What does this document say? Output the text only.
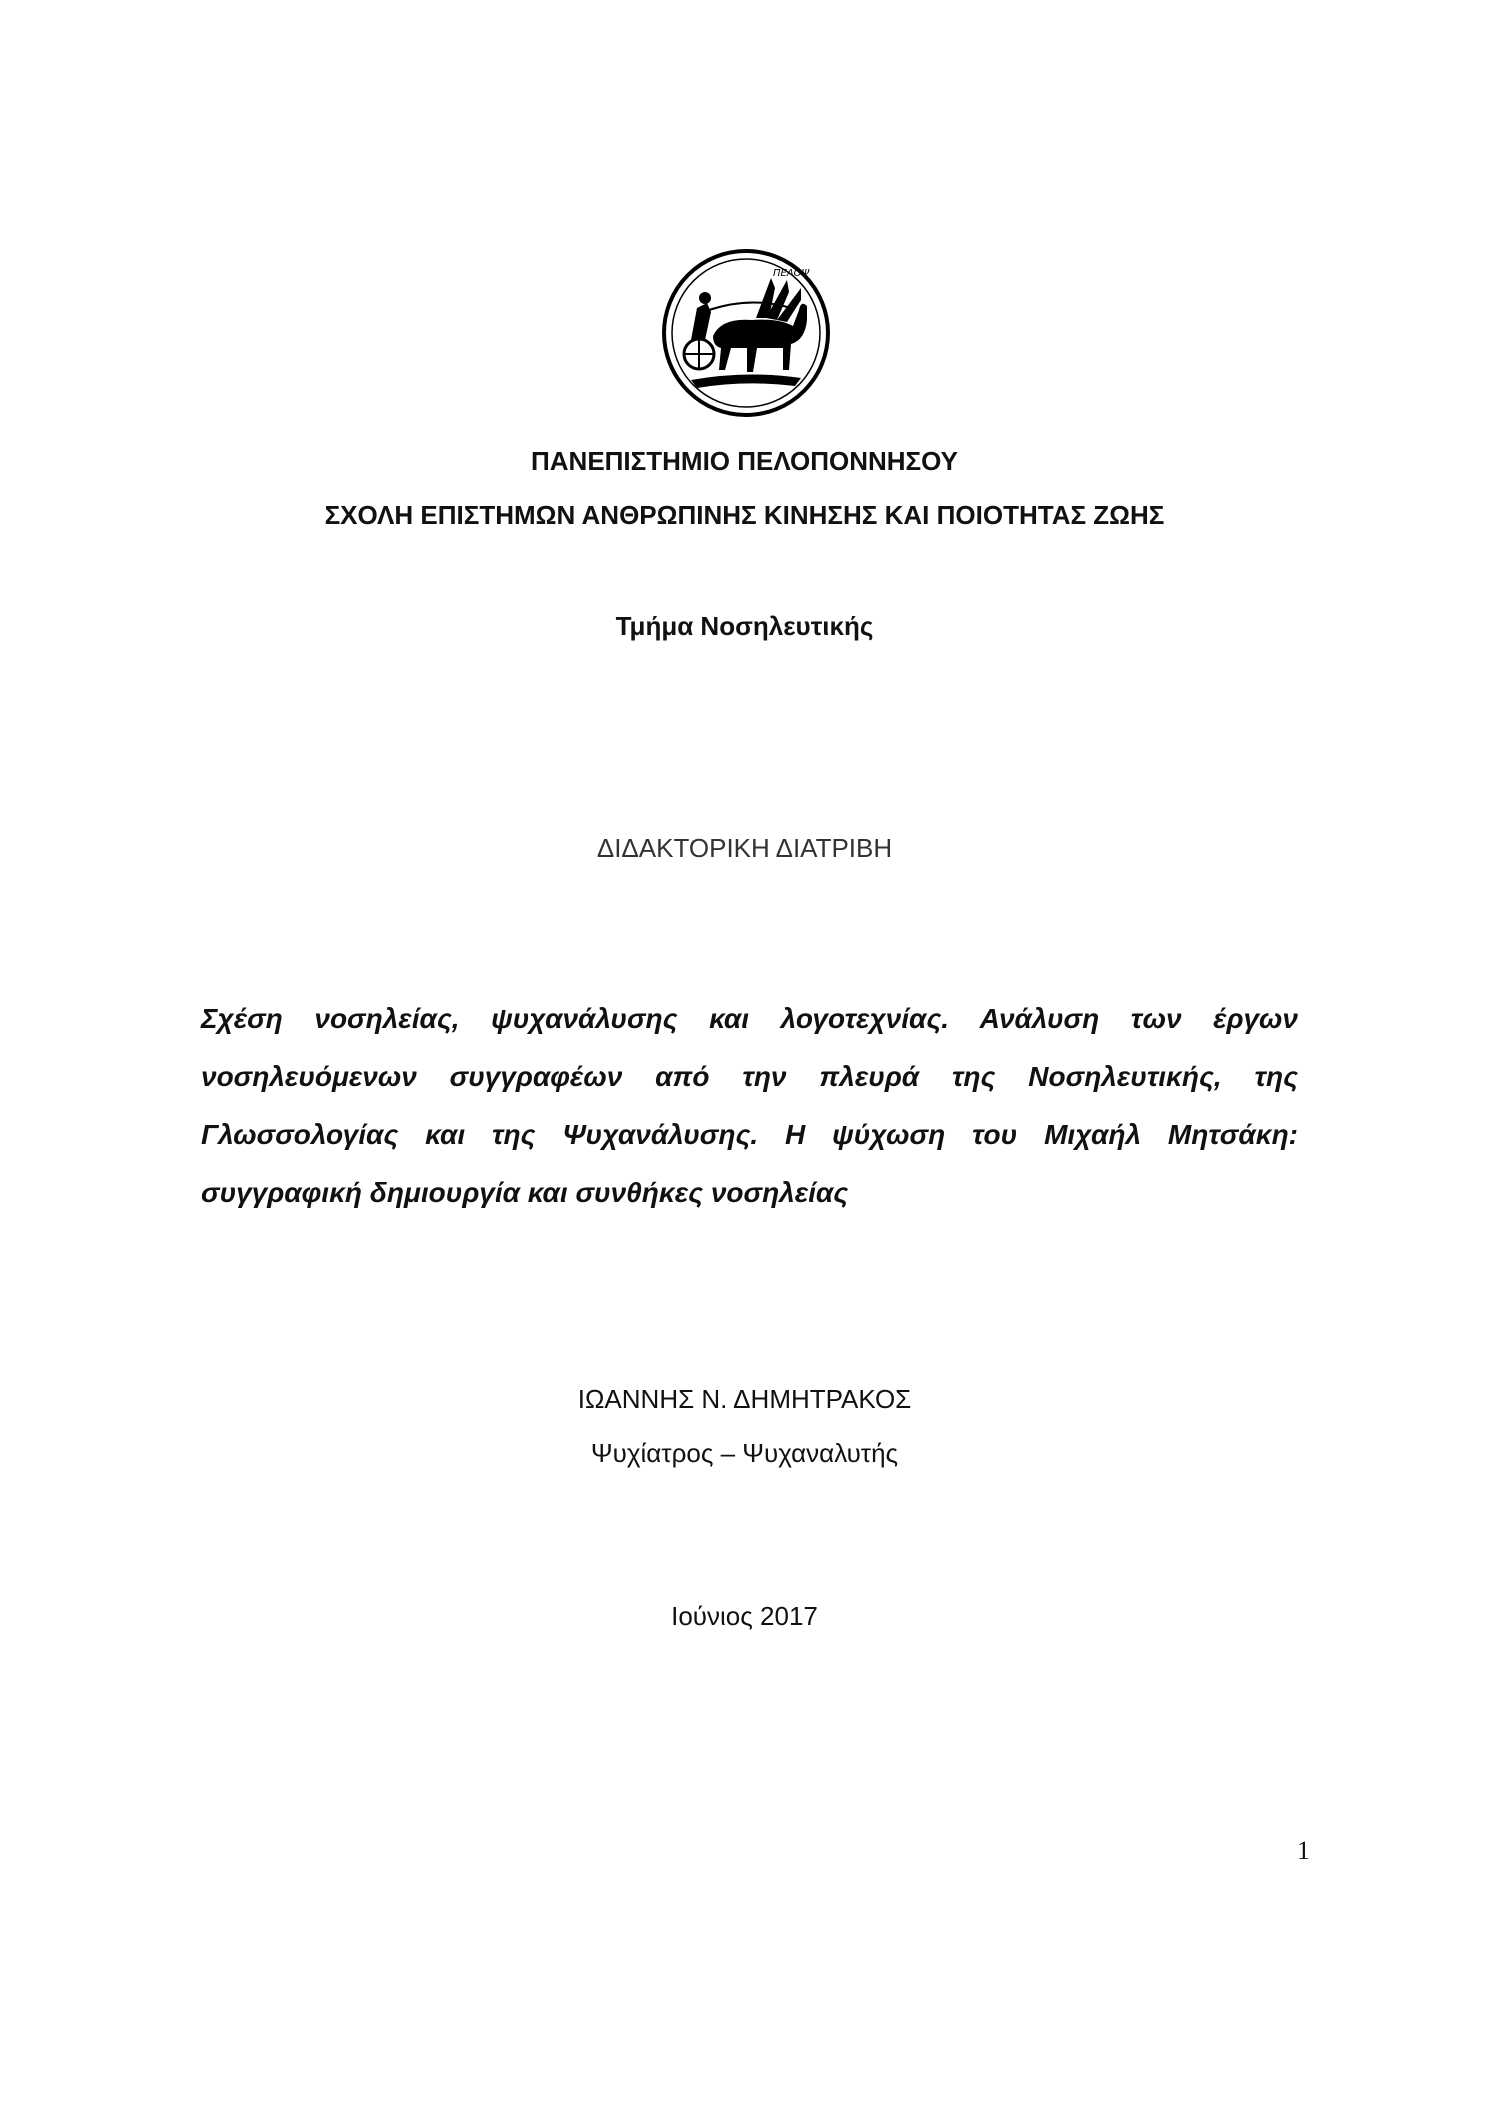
ΠΕΛΟΨ
ΠΑΝΕΠΙΣΤΗΜΙΟ ΠΕΛΟΠΟΝΝΗΣΟΥ
ΣΧΟΛΗ ΕΠΙΣΤΗΜΩΝ ΑΝΘΡΩΠΙΝΗΣ ΚΙΝΗΣΗΣ ΚΑΙ ΠΟΙΟΤΗΤΑΣ ΖΩΗΣ
Τμήμα Νοσηλευτικής
ΔΙΔΑΚΤΟΡΙΚΗ ΔΙΑΤΡΙΒΗ
Σχέση νοσηλείας, ψυχανάλυσης και λογοτεχνίας. Ανάλυση των έργων νοσηλευόμενων συγγραφέων από την πλευρά της Νοσηλευτικής, της Γλωσσολογίας και της Ψυχανάλυσης. Η ψύχωση του Μιχαήλ Μητσάκη: συγγραφική δημιουργία και συνθήκες νοσηλείας
ΙΩΑΝΝΗΣ Ν. ΔΗΜΗΤΡΑΚΟΣ
Ψυχίατρος – Ψυχαναλυτής
Ιούνιος 2017
1
